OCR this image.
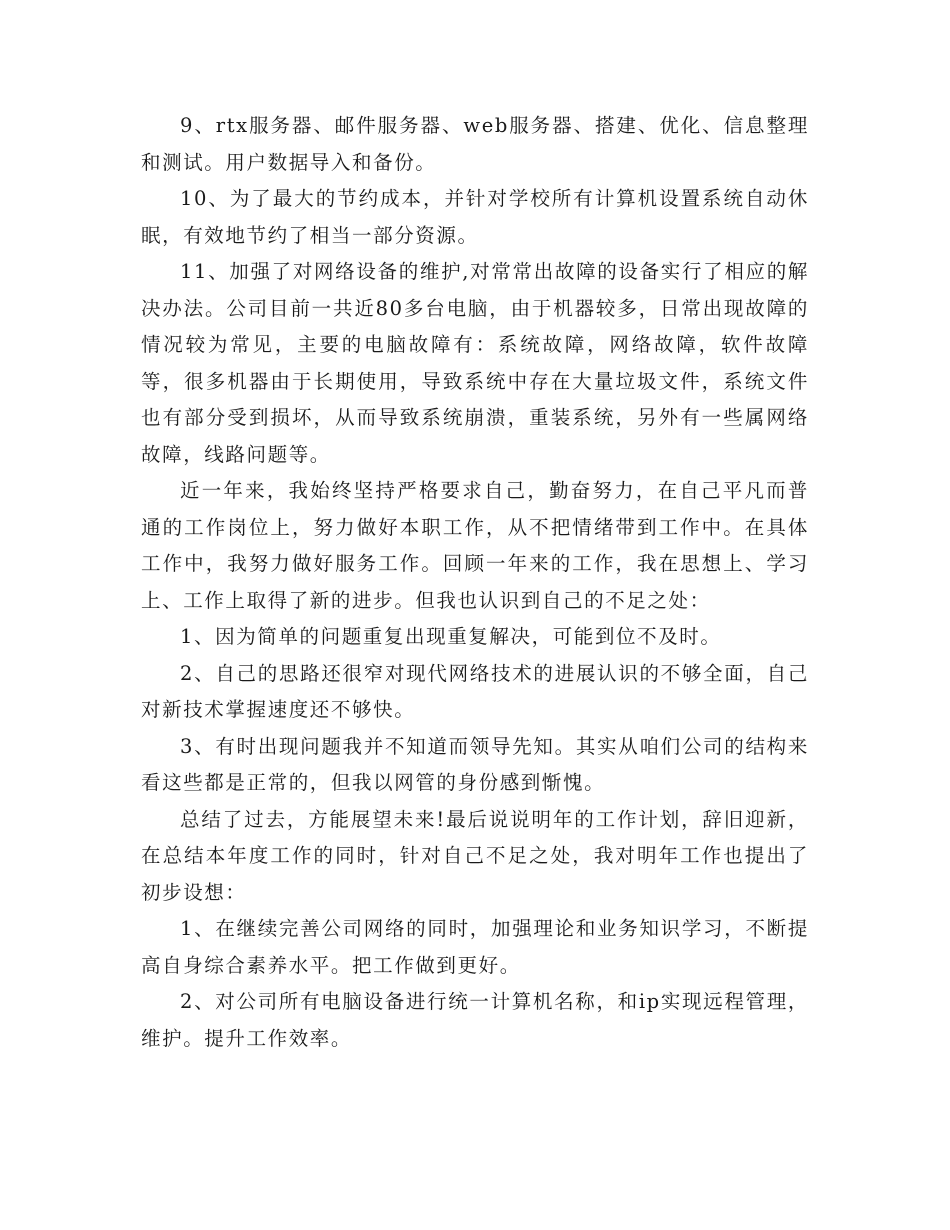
9、rtx服务器、邮件服务器、web服务器、搭建、优化、信息整理和测试。用户数据导入和备份。

10、为了最大的节约成本，并针对学校所有计算机设置系统自动休眠，有效地节约了相当一部分资源。

11、加强了对网络设备的维护,对常常出故障的设备实行了相应的解决办法。公司目前一共近80多台电脑，由于机器较多，日常出现故障的情况较为常见，主要的电脑故障有：系统故障，网络故障，软件故障等，很多机器由于长期使用，导致系统中存在大量垃圾文件，系统文件也有部分受到损坏，从而导致系统崩溃，重装系统，另外有一些属网络故障，线路问题等。

近一年来，我始终坚持严格要求自己，勤奋努力，在自己平凡而普通的工作岗位上，努力做好本职工作，从不把情绪带到工作中。在具体工作中，我努力做好服务工作。回顾一年来的工作，我在思想上、学习上、工作上取得了新的进步。但我也认识到自己的不足之处：

1、因为简单的问题重复出现重复解决，可能到位不及时。

2、自己的思路还很窄对现代网络技术的进展认识的不够全面，自己对新技术掌握速度还不够快。

3、有时出现问题我并不知道而领导先知。其实从咱们公司的结构来看这些都是正常的，但我以网管的身份感到惭愧。

总结了过去，方能展望未来!最后说说明年的工作计划，辞旧迎新，在总结本年度工作的同时，针对自己不足之处，我对明年工作也提出了初步设想：

1、在继续完善公司网络的同时，加强理论和业务知识学习，不断提高自身综合素养水平。把工作做到更好。

2、对公司所有电脑设备进行统一计算机名称，和ip实现远程管理，维护。提升工作效率。
